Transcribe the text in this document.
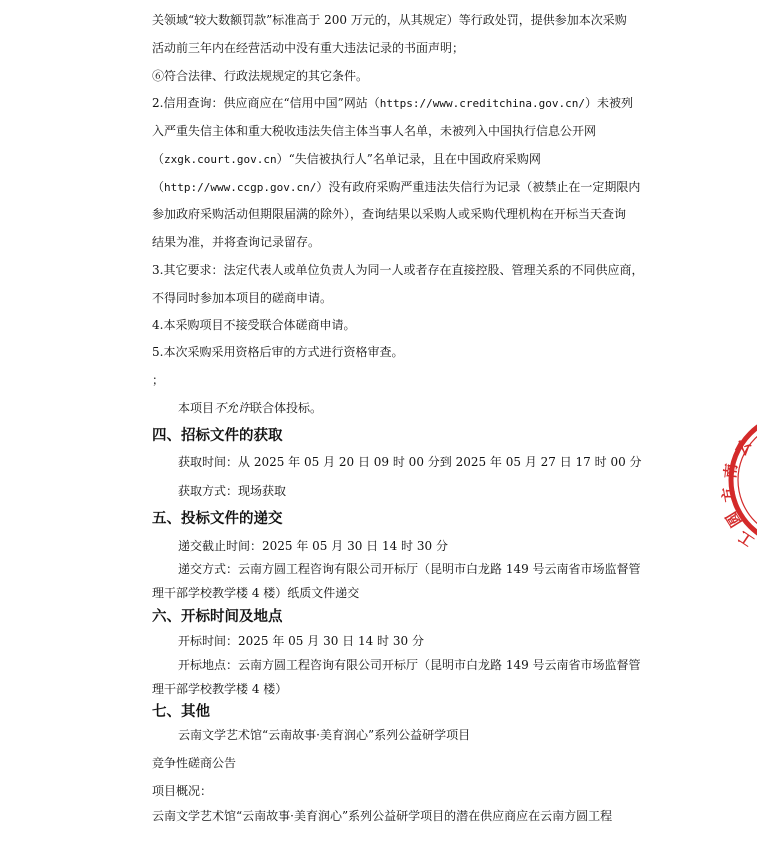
关领域“较大数额罚款”标准高于 200 万元的，从其规定）等行政处罚，提供参加本次采购
活动前三年内在经营活动中没有重大违法记录的书面声明；
⑥符合法律、行政法规规定的其它条件。
2.信用查询：供应商应在“信用中国”网站（https://www.creditchina.gov.cn/）未被列
入严重失信主体和重大税收违法失信主体当事人名单，未被列入中国执行信息公开网
（zxgk.court.gov.cn）“失信被执行人”名单记录，且在中国政府采购网
（http://www.ccgp.gov.cn/）没有政府采购严重违法失信行为记录（被禁止在一定期限内
参加政府采购活动但期限届满的除外），查询结果以采购人或采购代理机构在开标当天查询
结果为准，并将查询记录留存。
3.其它要求：法定代表人或单位负责人为同一人或者存在直接控股、管理关系的不同供应商，
不得同时参加本项目的磋商申请。
4.本采购项目不接受联合体磋商申请。
5.本次采购采用资格后审的方式进行资格审查。
；
本项目不允许联合体投标。
四、招标文件的获取
获取时间：从 2025 年 05 月 20 日 09 时 00 分到 2025 年 05 月 27 日 17 时 00 分
获取方式：现场获取
五、投标文件的递交
递交截止时间：2025 年 05 月 30 日 14 时 30 分
递交方式：云南方圆工程咨询有限公司开标厅（昆明市白龙路 149 号云南省市场监督管
理干部学校教学楼 4 楼）纸质文件递交
六、开标时间及地点
开标时间：2025 年 05 月 30 日 14 时 30 分
开标地点：云南方圆工程咨询有限公司开标厅（昆明市白龙路 149 号云南省市场监督管
理干部学校教学楼 4 楼）
七、其他
云南文学艺术馆“云南故事·美育润心”系列公益研学项目
竞争性磋商公告
项目概况：
云南文学艺术馆“云南故事·美育润心”系列公益研学项目的潜在供应商应在云南方圆工程
云
南
方
圆
工
